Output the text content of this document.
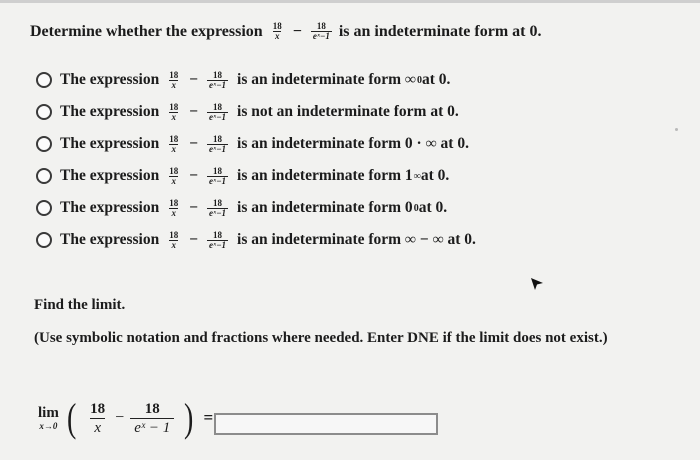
Determine whether the expression $\frac{18}{x} - \frac{18}{\text{eˣ−1}}$ is an indeterminate form at 0.
The expression $\frac{18}{x} - \frac{18}{\text{eˣ−1}}$ is an indeterminate form ∞ 0 at 0.
The expression $\frac{18}{x} - \frac{18}{\text{eˣ−1}}$ is not an indeterminate form at 0.
The expression $\frac{18}{x} - \frac{18}{\text{eˣ−1}}$ is an indeterminate form 0 · ∞ at 0.
The expression $\frac{18}{x} - \frac{18}{\text{eˣ−1}}$ is an indeterminate form 1 ∞ at 0.
The expression $\frac{18}{x} - \frac{18}{\text{eˣ−1}}$ is an indeterminate form 0 0 at 0.
The expression $\frac{18}{x} - \frac{18}{\text{eˣ−1}}$ is an indeterminate form ∞ − ∞ at 0.
Find the limit.
(Use symbolic notation and fractions where needed. Enter DNE if the limit does not exist.)
lim
x→0 ( $\frac{18}{x} - \frac{18}{\text{eˣ − 1}}$ ) =
